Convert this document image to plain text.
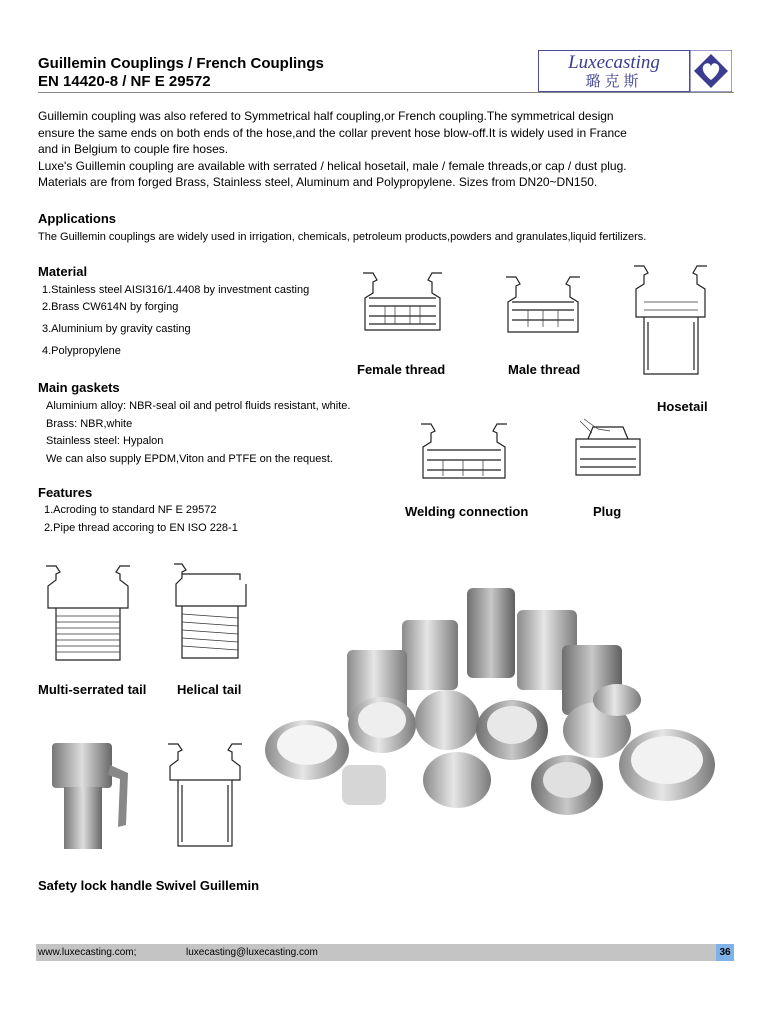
Guillemin Couplings / French Couplings
EN 14420-8 / NF E 29572
Luxecasting
璐克斯
Guillemin coupling was also refered to Symmetrical half coupling,or French coupling.The symmetrical design
ensure the same ends on both ends of the hose,and the collar prevent hose blow-off.It is widely used in France
and in Belgium to couple fire hoses.
Luxe's Guillemin coupling are available with serrated / helical hosetail, male / female threads,or cap / dust plug.
Materials are from forged Brass, Stainless steel, Aluminum and Polypropylene. Sizes from DN20~DN150.
Applications
The Guillemin couplings are widely used in irrigation, chemicals, petroleum products,powders and granulates,liquid fertilizers.
Material
1.Stainless steel AISI316/1.4408 by investment casting
2.Brass CW614N by forging
3.Aluminium by gravity casting
4.Polypropylene
Main gaskets
Aluminium alloy: NBR-seal oil and petrol fluids resistant, white.
Brass: NBR,white
Stainless steel: Hypalon
We can also supply EPDM,Viton and PTFE on the request.
Features
1.Acroding to standard NF E 29572
2.Pipe thread accoring to EN ISO 228-1
Female thread	Male thread
Hosetail
Welding connection	Plug
Multi-serrated tail Helical tail
Safety lock handle Swivel Guillemin
www.luxecasting.com;	luxecasting@luxecasting.com	36
